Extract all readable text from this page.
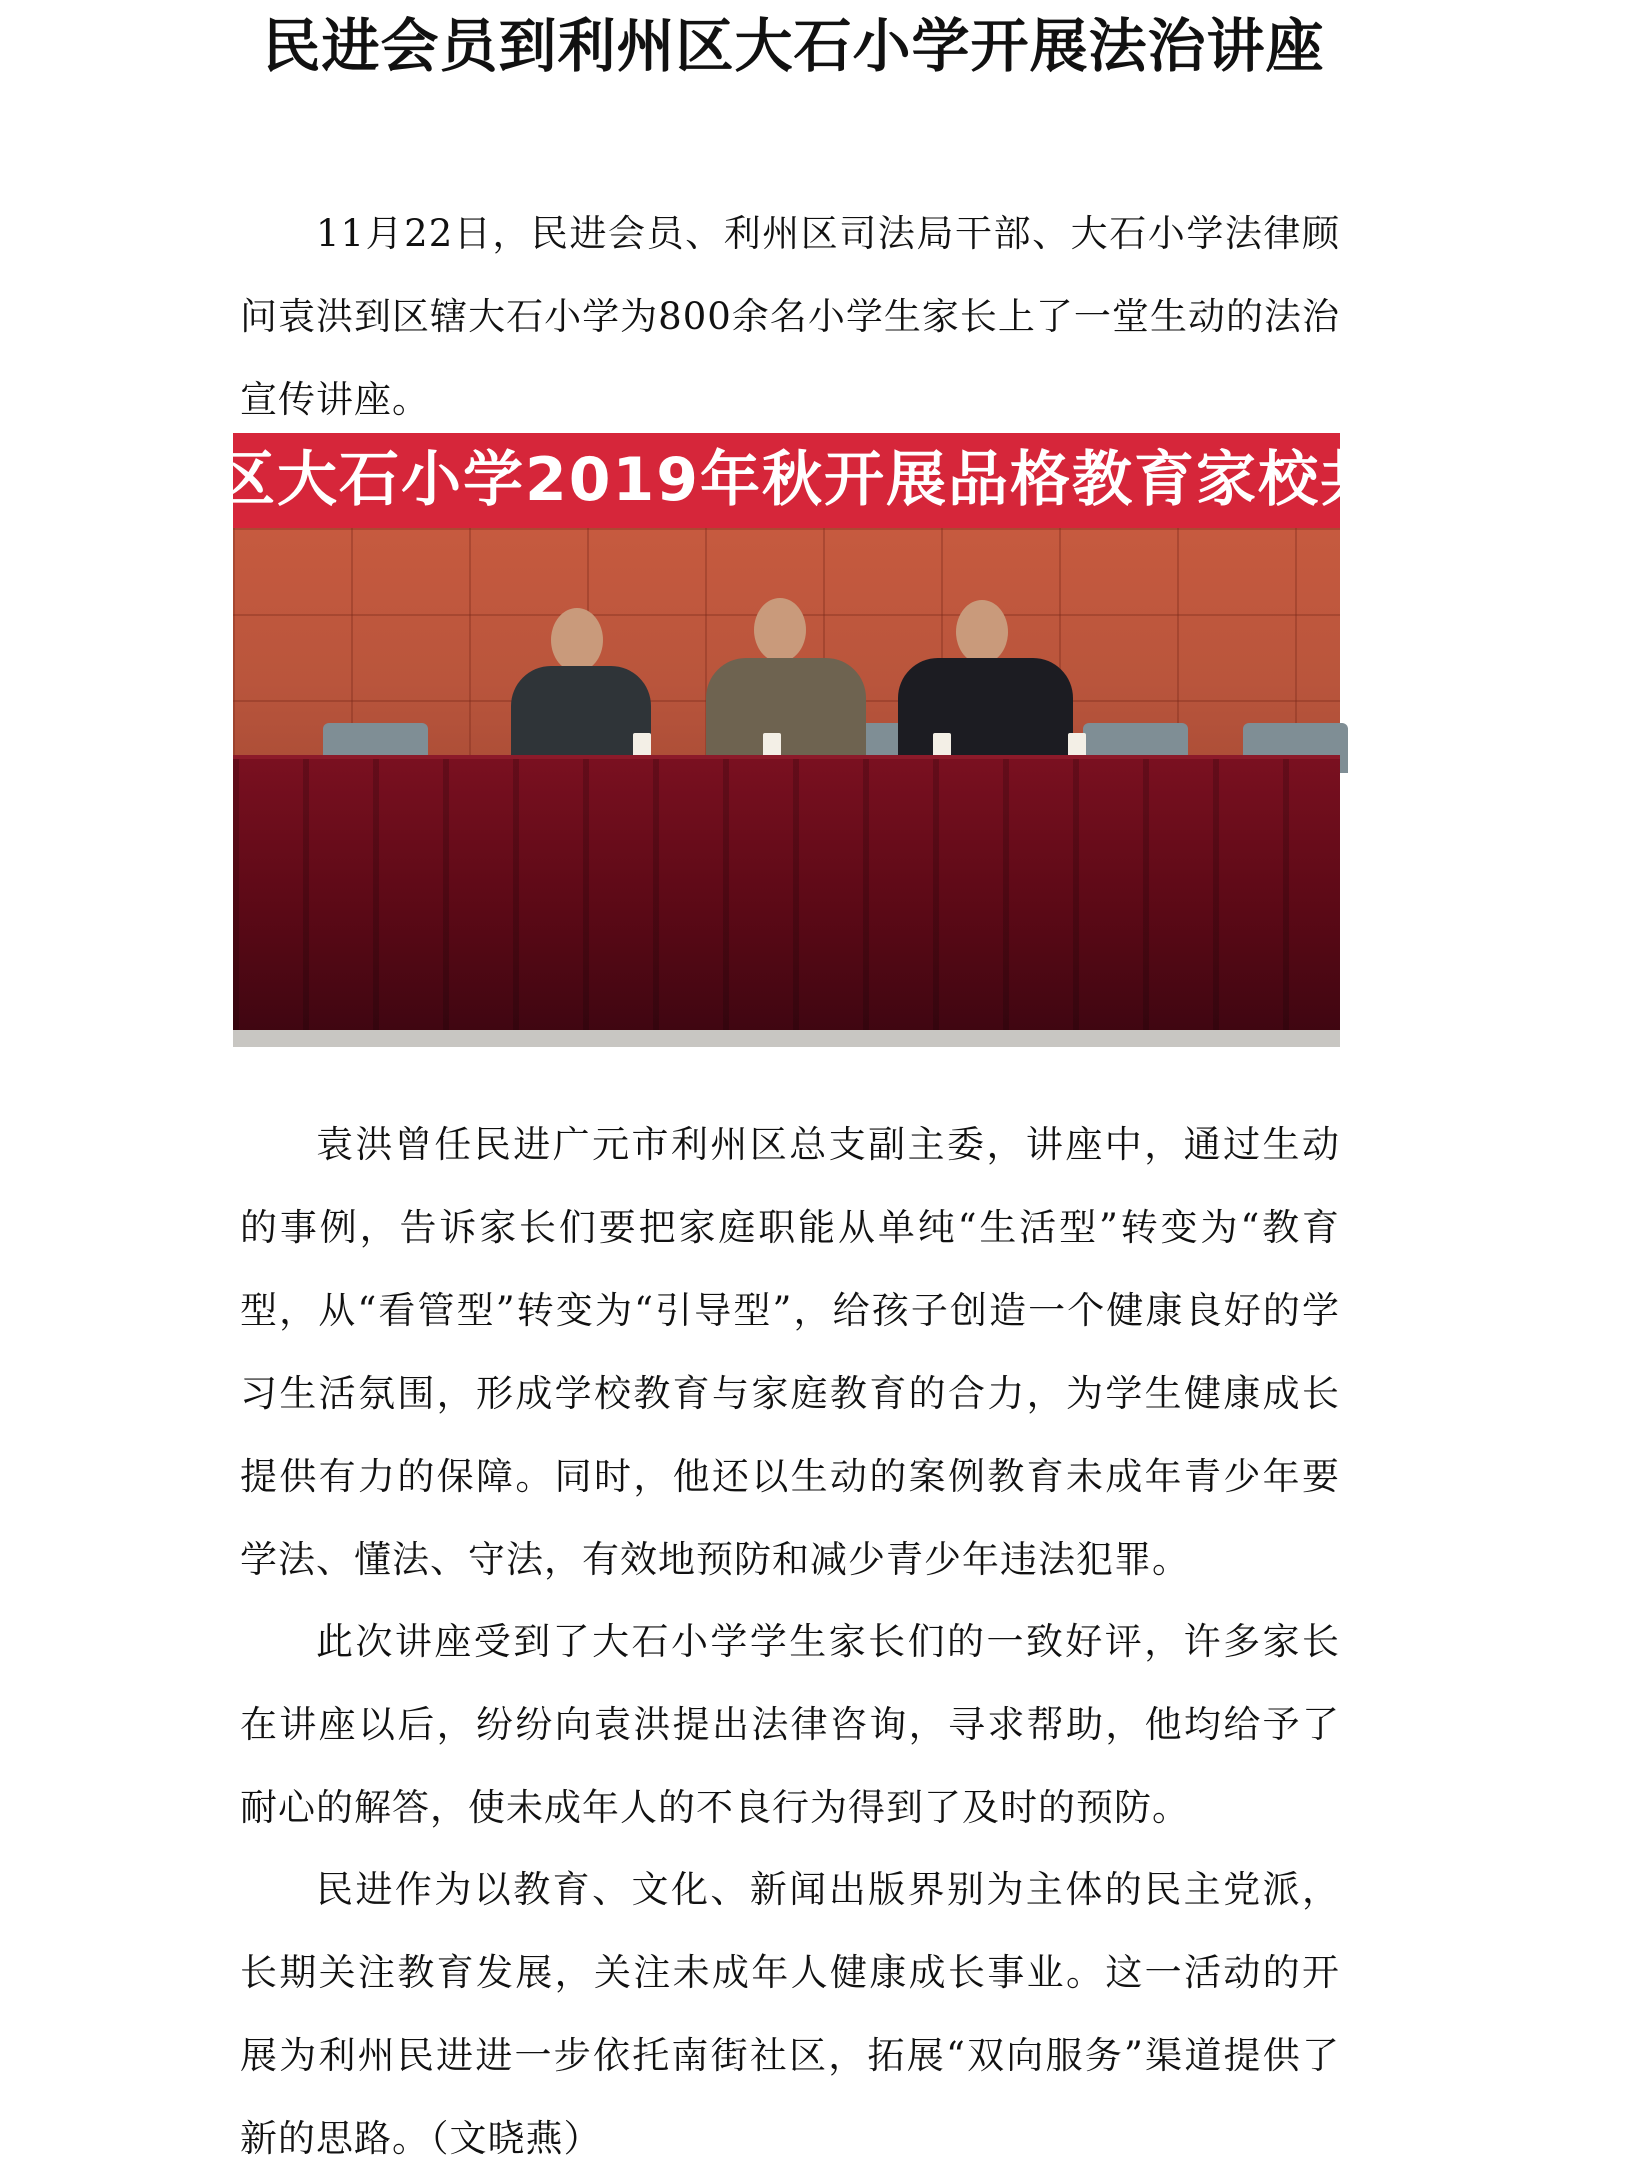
民进会员到利州区大石小学开展法治讲座

11月22日，民进会员、利州区司法局干部、大石小学法律顾问袁洪到区辖大石小学为800余名小学生家长上了一堂生动的法治宣传讲座。

区大石小学2019年秋开展品格教育家校共育暨法律

袁洪曾任民进广元市利州区总支副主委，讲座中，通过生动的事例，告诉家长们要把家庭职能从单纯“生活型”转变为“教育型，从“看管型”转变为“引导型”，给孩子创造一个健康良好的学习生活氛围，形成学校教育与家庭教育的合力，为学生健康成长提供有力的保障。同时，他还以生动的案例教育未成年青少年要学法、懂法、守法，有效地预防和减少青少年违法犯罪。

此次讲座受到了大石小学学生家长们的一致好评，许多家长在讲座以后，纷纷向袁洪提出法律咨询，寻求帮助，他均给予了耐心的解答，使未成年人的不良行为得到了及时的预防。

民进作为以教育、文化、新闻出版界别为主体的民主党派，长期关注教育发展，关注未成年人健康成长事业。这一活动的开展为利州民进进一步依托南街社区，拓展“双向服务”渠道提供了新的思路。（文晓燕）
